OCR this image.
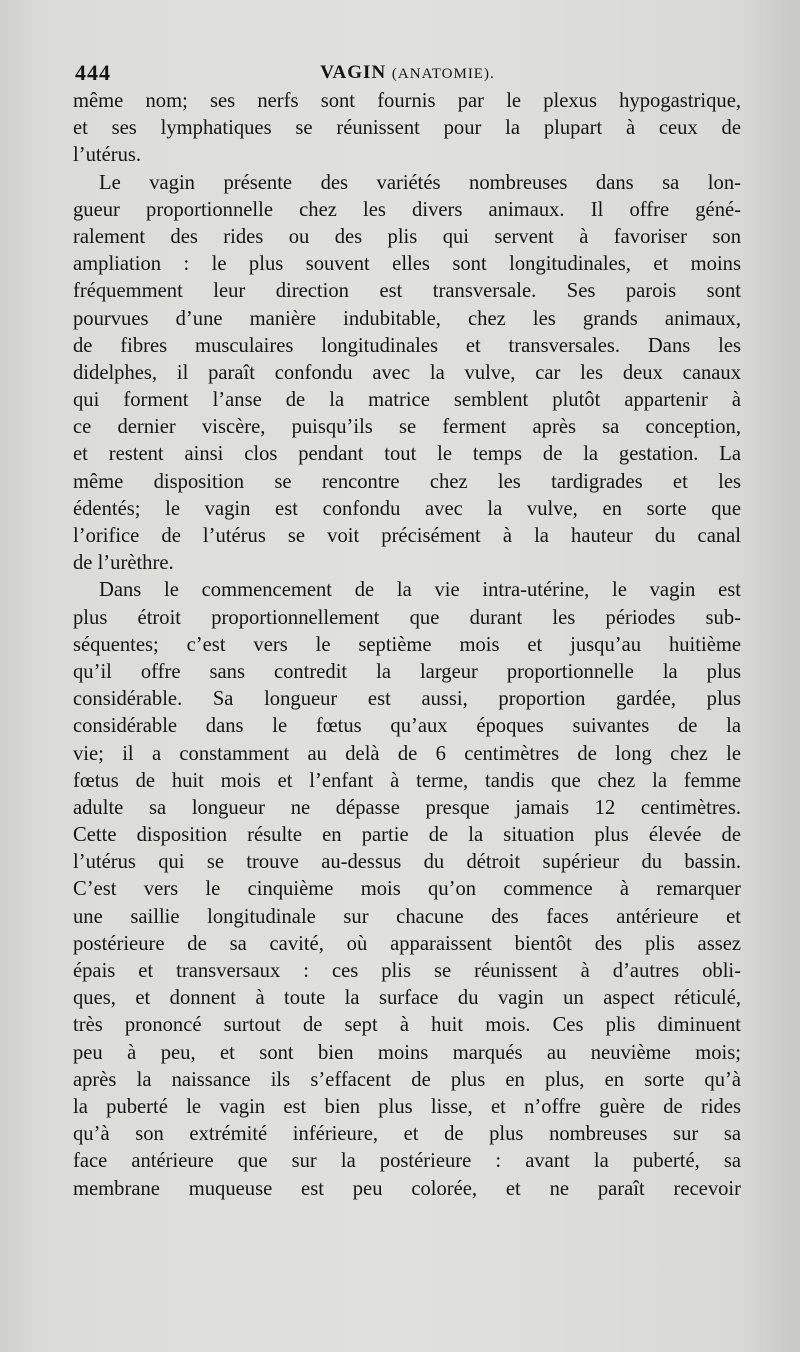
444	VAGIN (ANATOMIE).
même nom; ses nerfs sont fournis par le plexus hypogastrique,
et ses lymphatiques se réunissent pour la plupart à ceux de
l’utérus.
Le vagin présente des variétés nombreuses dans sa lon-
gueur proportionnelle chez les divers animaux. Il offre géné-
ralement des rides ou des plis qui servent à favoriser son
ampliation : le plus souvent elles sont longitudinales, et moins
fréquemment leur direction est transversale. Ses parois sont
pourvues d’une manière indubitable, chez les grands animaux,
de fibres musculaires longitudinales et transversales. Dans les
didelphes, il paraît confondu avec la vulve, car les deux canaux
qui forment l’anse de la matrice semblent plutôt appartenir à
ce dernier viscère, puisqu’ils se ferment après sa conception,
et restent ainsi clos pendant tout le temps de la gestation. La
même disposition se rencontre chez les tardigrades et les
édentés; le vagin est confondu avec la vulve, en sorte que
l’orifice de l’utérus se voit précisément à la hauteur du canal
de l’urèthre.
Dans le commencement de la vie intra-utérine, le vagin est
plus étroit proportionnellement que durant les périodes sub-
séquentes; c’est vers le septième mois et jusqu’au huitième
qu’il offre sans contredit la largeur proportionnelle la plus
considérable. Sa longueur est aussi, proportion gardée, plus
considérable dans le fœtus qu’aux époques suivantes de la
vie; il a constamment au delà de 6 centimètres de long chez le
fœtus de huit mois et l’enfant à terme, tandis que chez la femme
adulte sa longueur ne dépasse presque jamais 12 centimètres.
Cette disposition résulte en partie de la situation plus élevée de
l’utérus qui se trouve au-dessus du détroit supérieur du bassin.
C’est vers le cinquième mois qu’on commence à remarquer
une saillie longitudinale sur chacune des faces antérieure et
postérieure de sa cavité, où apparaissent bientôt des plis assez
épais et transversaux : ces plis se réunissent à d’autres obli-
ques, et donnent à toute la surface du vagin un aspect réticulé,
très prononcé surtout de sept à huit mois. Ces plis diminuent
peu à peu, et sont bien moins marqués au neuvième mois;
après la naissance ils s’effacent de plus en plus, en sorte qu’à
la puberté le vagin est bien plus lisse, et n’offre guère de rides
qu’à son extrémité inférieure, et de plus nombreuses sur sa
face antérieure que sur la postérieure : avant la puberté, sa
membrane muqueuse est peu colorée, et ne paraît recevoir
